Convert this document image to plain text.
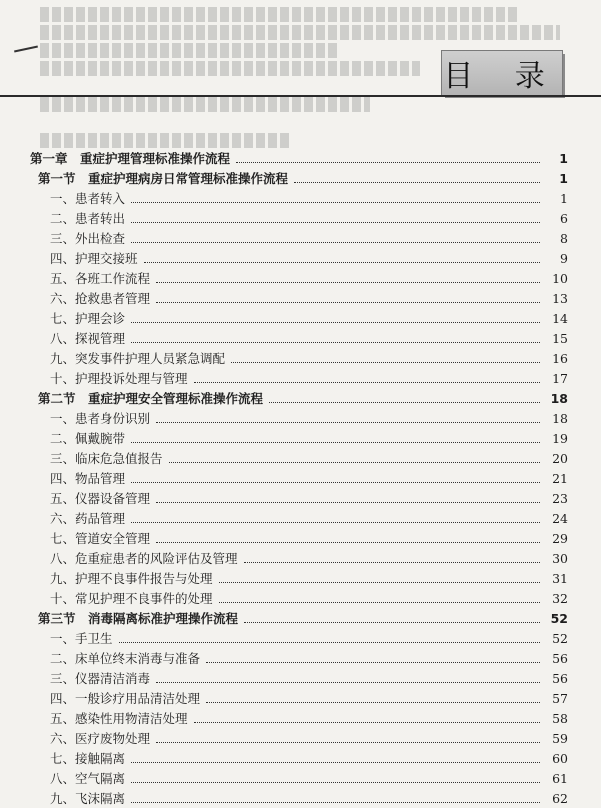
目 录
第一章　重症护理管理标准操作流程	1
第一节　重症护理病房日常管理标准操作流程	1
一、患者转入	1
二、患者转出	6
三、外出检查	8
四、护理交接班	9
五、各班工作流程	10
六、抢救患者管理	13
七、护理会诊	14
八、探视管理	15
九、突发事件护理人员紧急调配	16
十、护理投诉处理与管理	17
第二节　重症护理安全管理标准操作流程	18
一、患者身份识别	18
二、佩戴腕带	19
三、临床危急值报告	20
四、物品管理	21
五、仪器设备管理	23
六、药品管理	24
七、管道安全管理	29
八、危重症患者的风险评估及管理	30
九、护理不良事件报告与处理	31
十、常见护理不良事件的处理	32
第三节　消毒隔离标准护理操作流程	52
一、手卫生	52
二、床单位终末消毒与准备	56
三、仪器清洁消毒	56
四、一般诊疗用品清洁处理	57
五、感染性用物清洁处理	58
六、医疗废物处理	59
七、接触隔离	60
八、空气隔离	61
九、飞沫隔离	62
